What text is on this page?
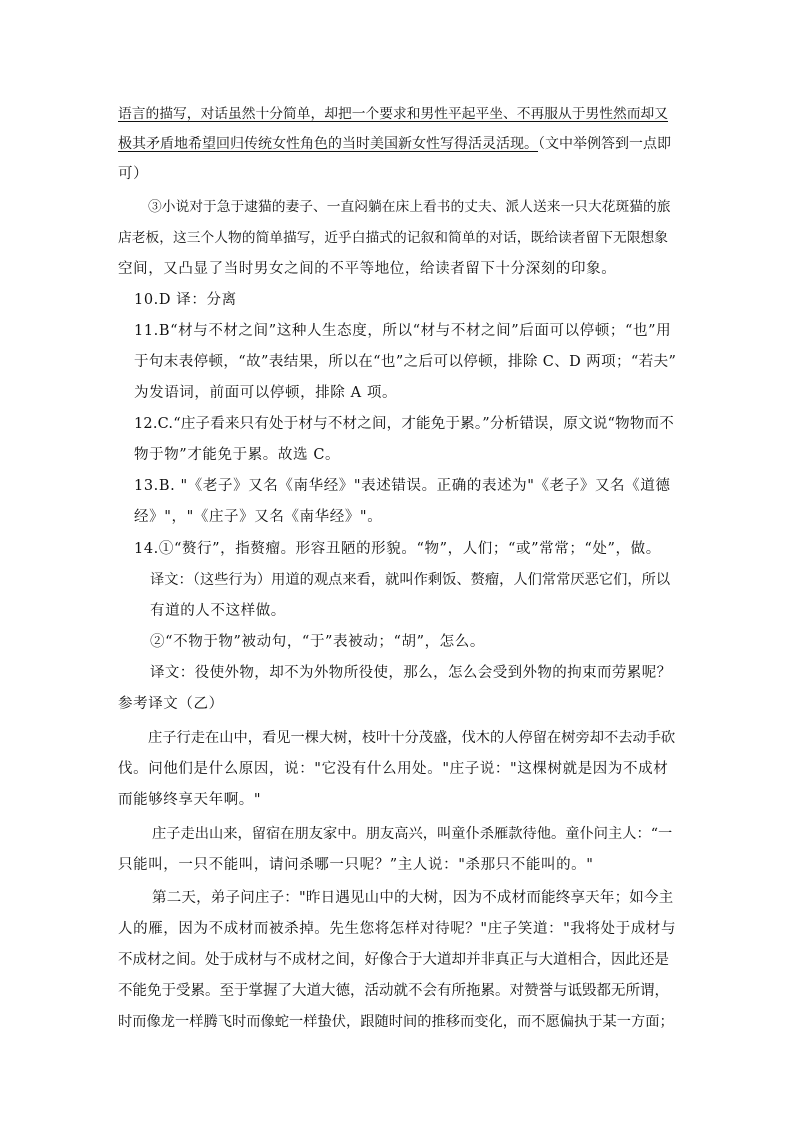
语言的描写，对话虽然十分简单，却把一个要求和男性平起平坐、不再服从于男性然而却又
极其矛盾地希望回归传统女性角色的当时美国新女性写得活灵活现。（文中举例答到一点即
可）
③小说对于急于逮猫的妻子、一直闷躺在床上看书的丈夫、派人送来一只大花斑猫的旅
店老板，这三个人物的简单描写，近乎白描式的记叙和简单的对话，既给读者留下无限想象
空间，又凸显了当时男女之间的不平等地位，给读者留下十分深刻的印象。
10.D 译：分离
11.B“材与不材之间”这种人生态度，所以“材与不材之间”后面可以停顿；“也”用
于句末表停顿，“故”表结果，所以在“也”之后可以停顿，排除 C、D 两项；“若夫”
为发语词，前面可以停顿，排除 A 项。
12.C.“庄子看来只有处于材与不材之间，才能免于累。”分析错误，原文说“物物而不
物于物”才能免于累。故选 C。
13.B. "《老子》又名《南华经》"表述错误。正确的表述为"《老子》又名《道德
经》"，"《庄子》又名《南华经》"。
14.①“赘行”，指赘瘤。形容丑陋的形貌。“物”，人们；“或”常常；“处”，做。
译文：（这些行为）用道的观点来看，就叫作剩饭、赘瘤，人们常常厌恶它们，所以
有道的人不这样做。
②“不物于物”被动句，“于”表被动；“胡”，怎么。
译文：役使外物，却不为外物所役使，那么，怎么会受到外物的拘束而劳累呢？
参考译文（乙）
庄子行走在山中，看见一棵大树，枝叶十分茂盛，伐木的人停留在树旁却不去动手砍
伐。问他们是什么原因，说："它没有什么用处。"庄子说："这棵树就是因为不成材
而能够终享天年啊。"
庄子走出山来，留宿在朋友家中。朋友高兴，叫童仆杀雁款待他。童仆问主人：“一
只能叫，一只不能叫，请问杀哪一只呢？”主人说："杀那只不能叫的。"
第二天，弟子问庄子："昨日遇见山中的大树，因为不成材而能终享天年；如今主
人的雁，因为不成材而被杀掉。先生您将怎样对待呢？"庄子笑道："我将处于成材与
不成材之间。处于成材与不成材之间，好像合于大道却并非真正与大道相合，因此还是
不能免于受累。至于掌握了大道大德，活动就不会有所拖累。对赞誉与诋毁都无所谓，
时而像龙一样腾飞时而像蛇一样蛰伏，跟随时间的推移而变化，而不愿偏执于某一方面；
